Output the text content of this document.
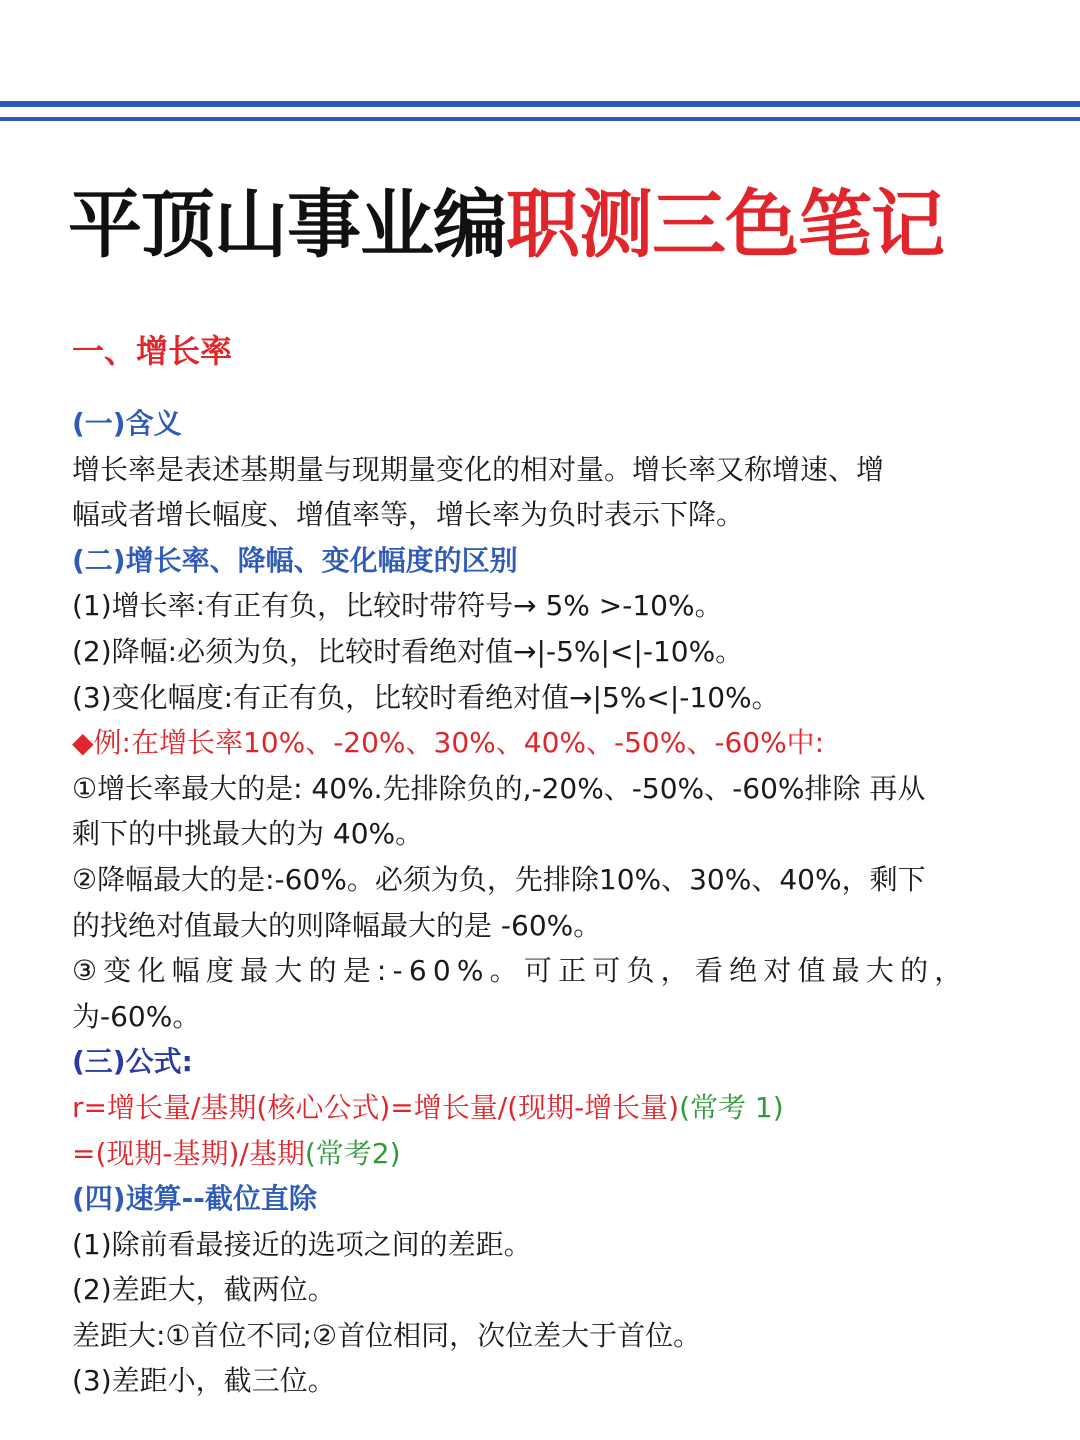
平顶山事业编职测三色笔记
一、增长率
(一)含义
增长率是表述基期量与现期量变化的相对量。增长率又称增速、增
幅或者增长幅度、增值率等，增长率为负时表示下降。
(二)增长率、降幅、变化幅度的区别
(1)增长率:有正有负，比较时带符号→ 5% >-10%。
(2)降幅:必须为负，比较时看绝对值→|-5%|<|-10%。
(3)变化幅度:有正有负，比较时看绝对值→|5%<|-10%。
◆例:在增长率10%、-20%、30%、40%、-50%、-60%中:
①增长率最大的是: 40%.先排除负的,-20%、-50%、-60%排除 再从
剩下的中挑最大的为 40%。
②降幅最大的是:-60%。必须为负，先排除10%、30%、40%，剩下
的找绝对值最大的则降幅最大的是 -60%。
③变化幅度最大的是:-60%。可正可负，看绝对值最大的，
为-60%。
(三)公式:
r=增长量/基期(核心公式)=增长量/(现期-增长量)(常考 1)
=(现期-基期)/基期(常考2)
(四)速算--截位直除
(1)除前看最接近的选项之间的差距。
(2)差距大，截两位。
差距大:①首位不同;②首位相同，次位差大于首位。
(3)差距小，截三位。
